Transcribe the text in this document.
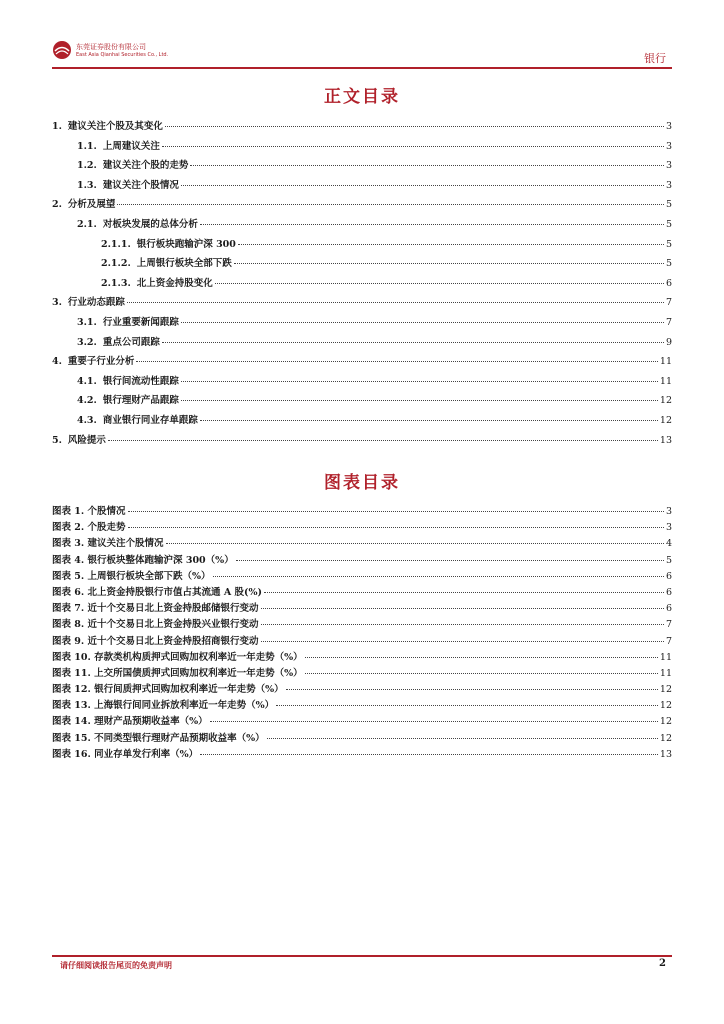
东莞证券股份有限公司
East Asia Qianhai Securities Co., Ltd.	银行
正文目录
1. 建议关注个股及其变化	3
1.1. 上周建议关注	3
1.2. 建议关注个股的走势	3
1.3. 建议关注个股情况	3
2. 分析及展望	5
2.1. 对板块发展的总体分析	5
2.1.1. 银行板块跑输沪深 300	5
2.1.2. 上周银行板块全部下跌	5
2.1.3. 北上资金持股变化	6
3. 行业动态跟踪	7
3.1. 行业重要新闻跟踪	7
3.2. 重点公司跟踪	9
4. 重要子行业分析	11
4.1. 银行间流动性跟踪	11
4.2. 银行理财产品跟踪	12
4.3. 商业银行同业存单跟踪	12
5. 风险提示	13
图表目录
图表 1. 个股情况	3
图表 2. 个股走势	3
图表 3. 建议关注个股情况	4
图表 4. 银行板块整体跑输沪深 300（%）	5
图表 5. 上周银行板块全部下跌（%）	6
图表 6. 北上资金持股银行市值占其流通 A 股(%)	6
图表 7. 近十个交易日北上资金持股邮储银行变动	6
图表 8. 近十个交易日北上资金持股兴业银行变动	7
图表 9. 近十个交易日北上资金持股招商银行变动	7
图表 10. 存款类机构质押式回购加权利率近一年走势（%）	11
图表 11. 上交所国债质押式回购加权利率近一年走势（%）	11
图表 12. 银行间质押式回购加权利率近一年走势（%）	12
图表 13. 上海银行间同业拆放利率近一年走势（%）	12
图表 14. 理财产品预期收益率（%）	12
图表 15. 不同类型银行理财产品预期收益率（%）	12
图表 16. 同业存单发行利率（%）	13
请仔细阅读报告尾页的免责声明	2
